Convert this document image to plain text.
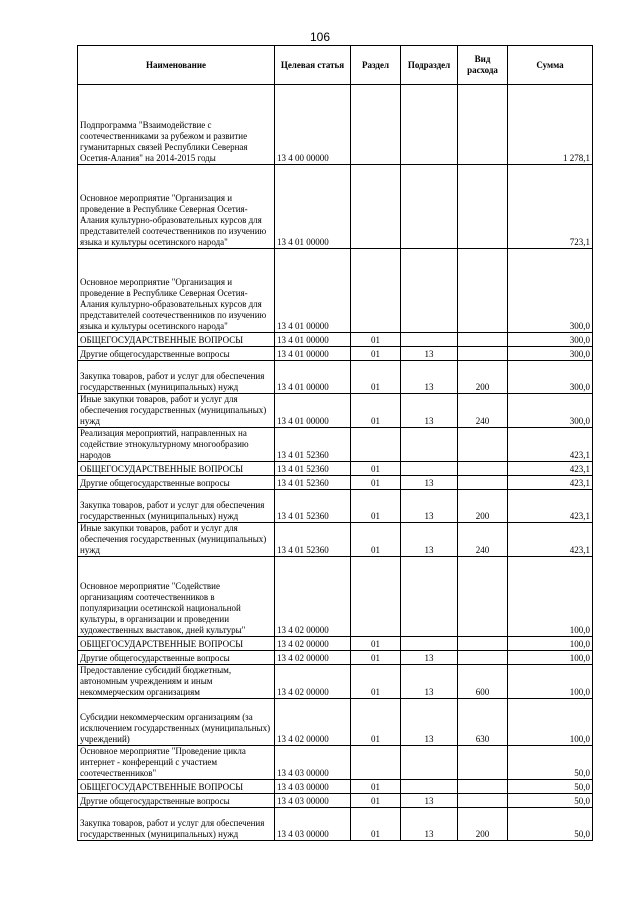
106
Наименование	Целевая статья	Раздел	Подраздел	Вид расхода	Сумма
Подпрограмма "Взаимодействие с соотечественниками за рубежом и развитие гуманитарных связей Республики Северная Осетия-Алания" на 2014-2015 годы	13 4 00 00000				1 278,1
Основное мероприятие "Организация и проведение в Республике Северная Осетия-Алания культурно-образовательных курсов для представителей соотечественников по изучению языка и культуры осетинского народа"	13 4 01 00000				723,1
Основное мероприятие "Организация и проведение в Республике Северная Осетия-Алания культурно-образовательных курсов для представителей соотечественников по изучению языка и культуры осетинского народа"	13 4 01 00000				300,0
ОБЩЕГОСУДАРСТВЕННЫЕ ВОПРОСЫ	13 4 01 00000	01			300,0
Другие общегосударственные вопросы	13 4 01 00000	01	13		300,0
Закупка товаров, работ и услуг для обеспечения государственных (муниципальных) нужд	13 4 01 00000	01	13	200	300,0
Иные закупки товаров, работ и услуг для обеспечения государственных (муниципальных) нужд	13 4 01 00000	01	13	240	300,0
Реализация мероприятий, направленных на содействие этнокультурному многообразию народов	13 4 01 52360				423,1
ОБЩЕГОСУДАРСТВЕННЫЕ ВОПРОСЫ	13 4 01 52360	01			423,1
Другие общегосударственные вопросы	13 4 01 52360	01	13		423,1
Закупка товаров, работ и услуг для обеспечения государственных (муниципальных) нужд	13 4 01 52360	01	13	200	423,1
Иные закупки товаров, работ и услуг для обеспечения государственных (муниципальных) нужд	13 4 01 52360	01	13	240	423,1
Основное мероприятие "Содействие организациям соотечественников в популяризации осетинской национальной культуры, в организации и проведении художественных выставок, дней культуры"	13 4 02 00000				100,0
ОБЩЕГОСУДАРСТВЕННЫЕ ВОПРОСЫ	13 4 02 00000	01			100,0
Другие общегосударственные вопросы	13 4 02 00000	01	13		100,0
Предоставление субсидий бюджетным, автономным учреждениям и иным некоммерческим организациям	13 4 02 00000	01	13	600	100,0
Субсидии некоммерческим организациям (за исключением государственных (муниципальных) учреждений)	13 4 02 00000	01	13	630	100,0
Основное мероприятие "Проведение цикла интернет - конференций с участием соотечественников"	13 4 03 00000				50,0
ОБЩЕГОСУДАРСТВЕННЫЕ ВОПРОСЫ	13 4 03 00000	01			50,0
Другие общегосударственные вопросы	13 4 03 00000	01	13		50,0
Закупка товаров, работ и услуг для обеспечения государственных (муниципальных) нужд	13 4 03 00000	01	13	200	50,0
